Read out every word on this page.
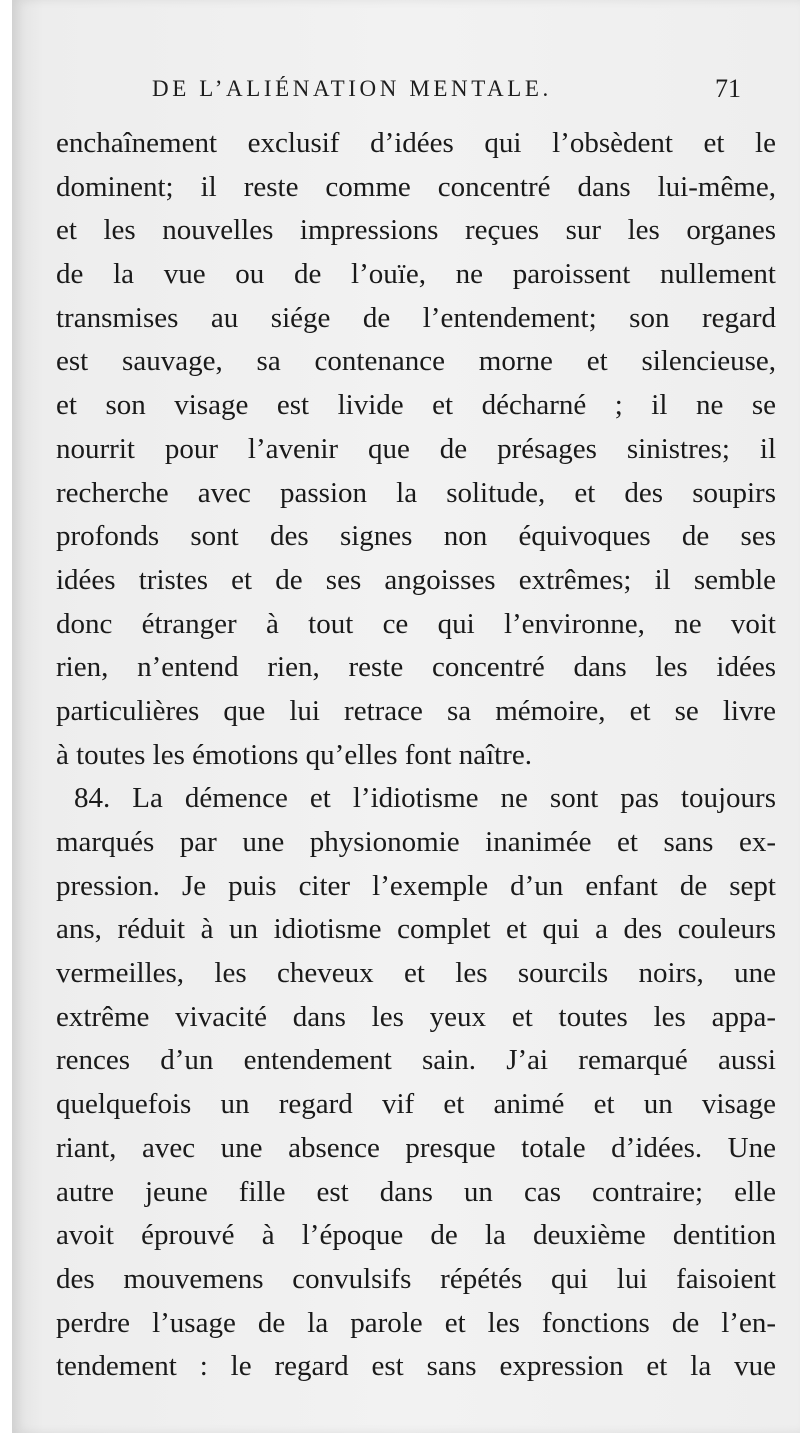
DE L’ALIÉNATION MENTALE.	71
enchaînement exclusif d’idées qui l’obsèdent et le
dominent; il reste comme concentré dans lui-même,
et les nouvelles impressions reçues sur les organes
de la vue ou de l’ouïe, ne paroissent nullement
transmises au siége de l’entendement; son regard
est sauvage, sa contenance morne et silencieuse,
et son visage est livide et décharné ; il ne se
nourrit pour l’avenir que de présages sinistres; il
recherche avec passion la solitude, et des soupirs
profonds sont des signes non équivoques de ses
idées tristes et de ses angoisses extrêmes; il semble
donc étranger à tout ce qui l’environne, ne voit
rien, n’entend rien, reste concentré dans les idées
particulières que lui retrace sa mémoire, et se livre
à toutes les émotions qu’elles font naître.
84. La démence et l’idiotisme ne sont pas toujours
marqués par une physionomie inanimée et sans ex-
pression. Je puis citer l’exemple d’un enfant de sept
ans, réduit à un idiotisme complet et qui a des couleurs
vermeilles, les cheveux et les sourcils noirs, une
extrême vivacité dans les yeux et toutes les appa-
rences d’un entendement sain. J’ai remarqué aussi
quelquefois un regard vif et animé et un visage
riant, avec une absence presque totale d’idées. Une
autre jeune fille est dans un cas contraire; elle
avoit éprouvé à l’époque de la deuxième dentition
des mouvemens convulsifs répétés qui lui faisoient
perdre l’usage de la parole et les fonctions de l’en-
tendement : le regard est sans expression et la vue
